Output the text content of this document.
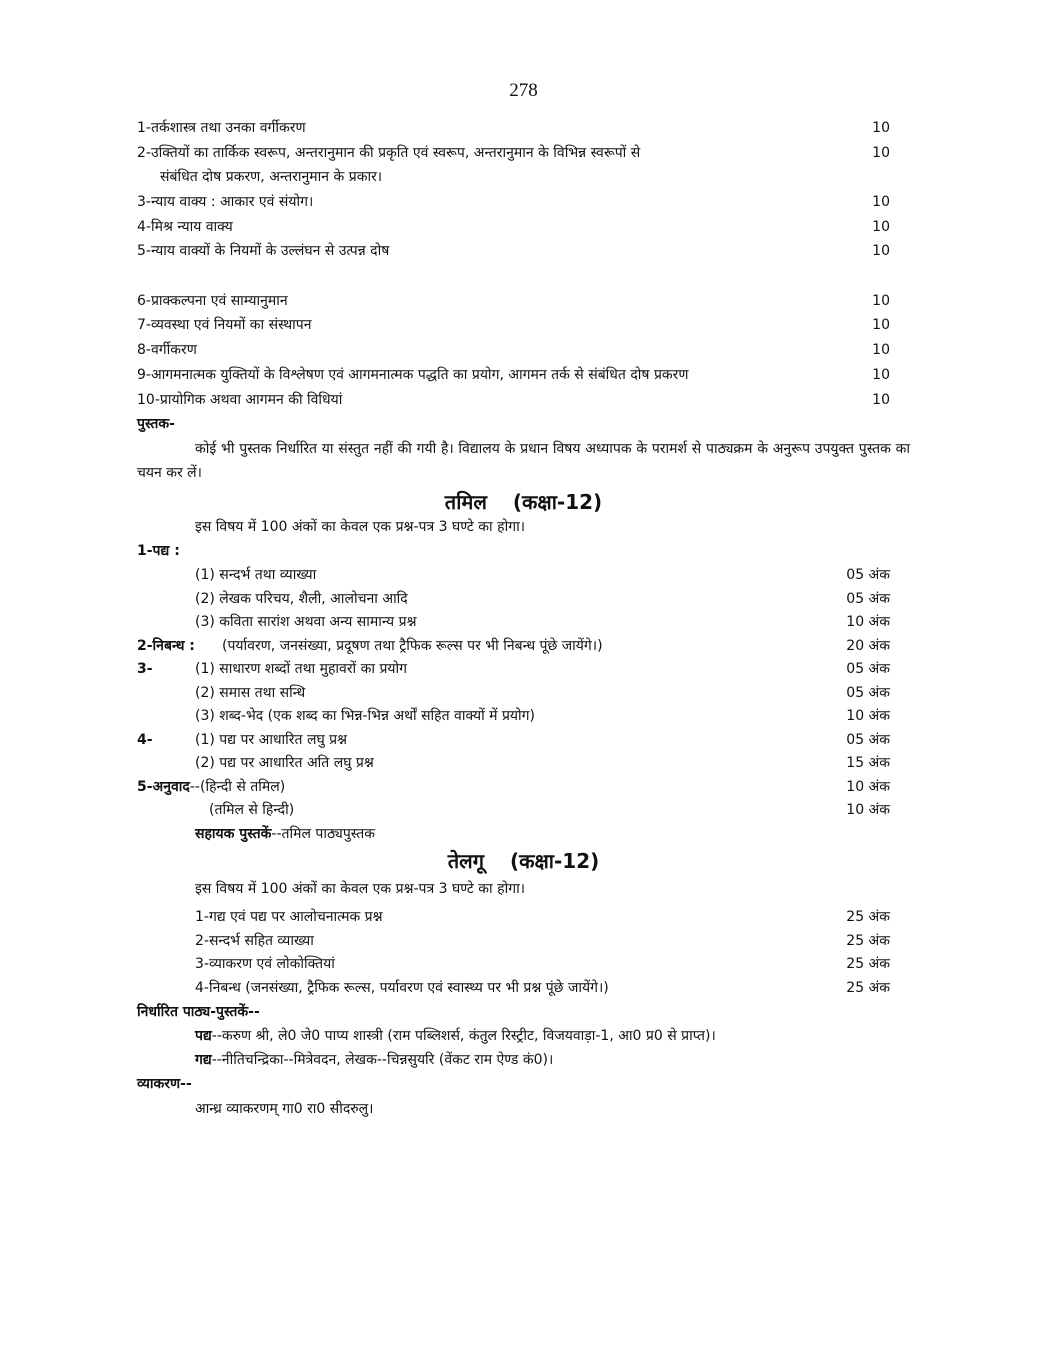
278
1-तर्कशास्त्र तथा उनका वर्गीकरण	10
2-उक्तियों का तार्किक स्वरूप, अन्तरानुमान की प्रकृति एवं स्वरूप, अन्तरानुमान के विभिन्न स्वरूपों से	10
संबंधित दोष प्रकरण, अन्तरानुमान के प्रकार।
3-न्याय वाक्य : आकार एवं संयोग।	10
4-मिश्र न्याय वाक्य	10
5-न्याय वाक्यों के नियमों के उल्लंघन से उत्पन्न दोष	10
6-प्राक्कल्पना एवं साम्यानुमान	10
7-व्यवस्था एवं नियमों का संस्थापन	10
8-वर्गीकरण	10
9-आगमनात्मक युक्तियों के विश्लेषण एवं आगमनात्मक पद्धति का प्रयोग, आगमन तर्क से संबंधित दोष प्रकरण	10
10-प्रायोगिक अथवा आगमन की विधियां	10
पुस्तक-
कोई भी पुस्तक निर्धारित या संस्तुत नहीं की गयी है। विद्यालय के प्रधान विषय अध्यापक के परामर्श से पाठ्यक्रम के अनुरूप उपयुक्त पुस्तक का चयन कर लें।
तमिल (कक्षा-12)
इस विषय में 100 अंकों का केवल एक प्रश्न-पत्र 3 घण्टे का होगा।
1-पद्य :
(1) सन्दर्भ तथा व्याख्या	05 अंक
(2) लेखक परिचय, शैली, आलोचना आदि	05 अंक
(3) कविता सारांश अथवा अन्य सामान्य प्रश्न	10 अंक
2-निबन्ध : (पर्यावरण, जनसंख्या, प्रदूषण तथा ट्रैफिक रूल्स पर भी निबन्ध पूंछे जायेंगे।)	20 अंक
3-	(1) साधारण शब्दों तथा मुहावरों का प्रयोग	05 अंक
(2) समास तथा सन्धि	05 अंक
(3) शब्द-भेद (एक शब्द का भिन्न-भिन्न अर्थों सहित वाक्यों में प्रयोग)	10 अंक
4-	(1) पद्य पर आधारित लघु प्रश्न	05 अंक
(2) पद्य पर आधारित अति लघु प्रश्न	15 अंक
5-अनुवाद--(हिन्दी से तमिल)	10 अंक
(तमिल से हिन्दी)	10 अंक
सहायक पुस्तकें--तमिल पाठ्यपुस्तक
तेलगू (कक्षा-12)
इस विषय में 100 अंकों का केवल एक प्रश्न-पत्र 3 घण्टे का होगा।
1-गद्य एवं पद्य पर आलोचनात्मक प्रश्न	25 अंक
2-सन्दर्भ सहित व्याख्या	25 अंक
3-व्याकरण एवं लोकोक्तियां	25 अंक
4-निबन्ध (जनसंख्या, ट्रैफिक रूल्स, पर्यावरण एवं स्वास्थ्य पर भी प्रश्न पूंछे जायेंगे।)	25 अंक
निर्धारित पाठ्य-पुस्तकें--
पद्य--करुण श्री, ले0 जे0 पाप्य शास्त्री (राम पब्लिशर्स, कंतुल रिस्ट्रीट, विजयवाड़ा-1, आ0 प्र0 से प्राप्त)।
गद्य--नीतिचन्द्रिका--मित्रेवदन, लेखक--चिन्नसुयरि (वेंकट राम ऐण्ड कं0)।
व्याकरण--
आन्ध्र व्याकरणम् गा0 रा0 सीदरुलु।
